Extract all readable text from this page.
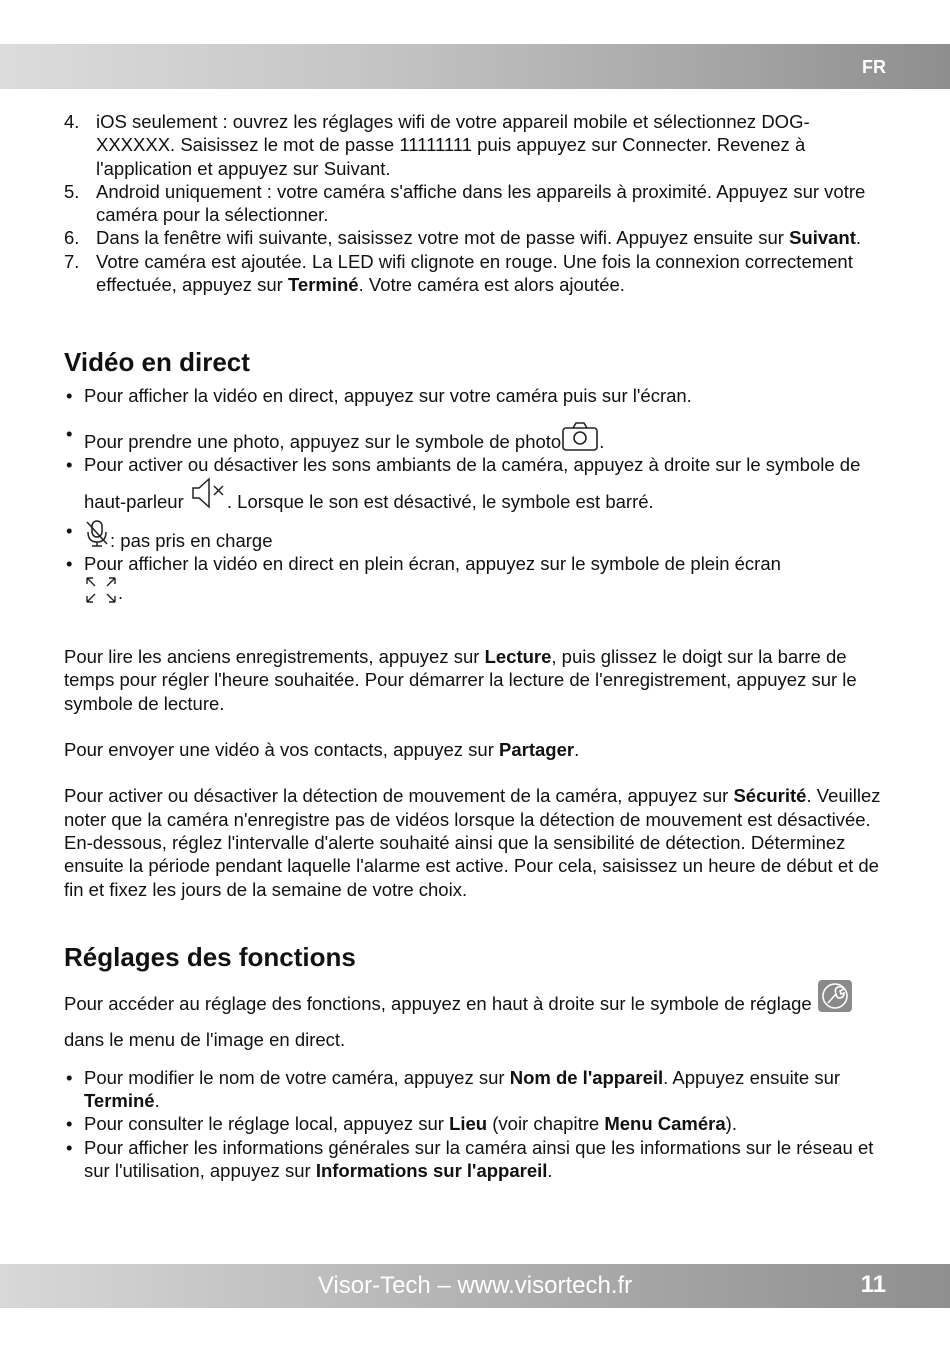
FR
4. iOS seulement : ouvrez les réglages wifi de votre appareil mobile et sélectionnez DOG-XXXXXX. Saisissez le mot de passe 11111111 puis appuyez sur Connecter. Revenez à l'application et appuyez sur Suivant.
5. Android uniquement : votre caméra s'affiche dans les appareils à proximité. Appuyez sur votre caméra pour la sélectionner.
6. Dans la fenêtre wifi suivante, saisissez votre mot de passe wifi. Appuyez ensuite sur Suivant.
7. Votre caméra est ajoutée. La LED wifi clignote en rouge. Une fois la connexion correctement effectuée, appuyez sur Terminé. Votre caméra est alors ajoutée.
Vidéo en direct
• Pour afficher la vidéo en direct, appuyez sur votre caméra puis sur l'écran.
• Pour prendre une photo, appuyez sur le symbole de photo .
• Pour activer ou désactiver les sons ambiants de la caméra, appuyez à droite sur le symbole de haut-parleur . Lorsque le son est désactivé, le symbole est barré.
• : pas pris en charge
• Pour afficher la vidéo en direct en plein écran, appuyez sur le symbole de plein écran
.

Pour lire les anciens enregistrements, appuyez sur Lecture, puis glissez le doigt sur la barre de temps pour régler l'heure souhaitée. Pour démarrer la lecture de l'enregistrement, appuyez sur le symbole de lecture.

Pour envoyer une vidéo à vos contacts, appuyez sur Partager.

Pour activer ou désactiver la détection de mouvement de la caméra, appuyez sur Sécurité. Veuillez noter que la caméra n'enregistre pas de vidéos lorsque la détection de mouvement est désactivée. En-dessous, réglez l'intervalle d'alerte souhaité ainsi que la sensibilité de détection. Déterminez ensuite la période pendant laquelle l'alarme est active. Pour cela, saisissez un heure de début et de fin et fixez les jours de la semaine de votre choix.

Réglages des fonctions

Pour accéder au réglage des fonctions, appuyez en haut à droite sur le symbole de réglage  dans le menu de l'image en direct.

• Pour modifier le nom de votre caméra, appuyez sur Nom de l'appareil. Appuyez ensuite sur Terminé.
• Pour consulter le réglage local, appuyez sur Lieu (voir chapitre Menu Caméra).
• Pour afficher les informations générales sur la caméra ainsi que les informations sur le réseau et sur l'utilisation, appuyez sur Informations sur l'appareil.
Visor-Tech – www.visortech.fr	11
